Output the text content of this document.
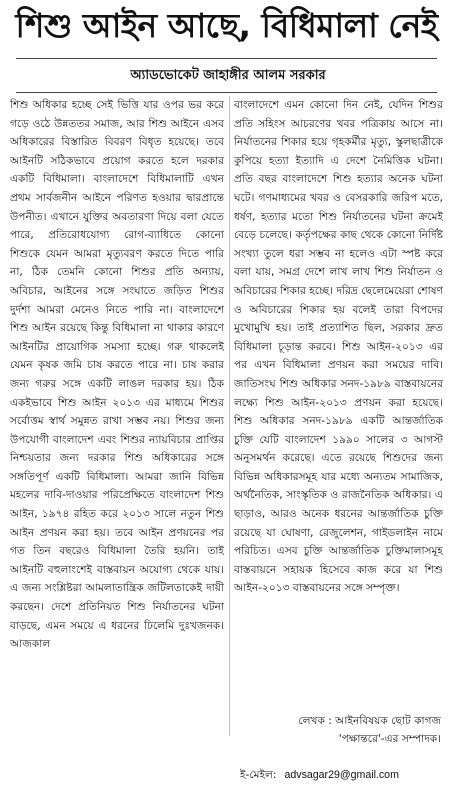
শিশু আইন আছে, বিধিমালা নেই
অ্যাডভোকেট জাহাঙ্গীর আলম সরকার

শিশু অধিকার হচ্ছে সেই ভিত্তি যার ওপর ভর করে গড়ে ওঠে উন্নততর সমাজ, আর শিশু আইনে এসব অধিকারের বিস্তারিত বিবরণ বিধৃত হয়েছে। তবে আইনটি সঠিকভাবে প্রয়োগ করতে হলে দরকার একটি বিধিমালা। বাংলাদেশে বিধিমালাটি এখন প্রথম সার্বজনীন আইনে পরিণত হওয়ার দ্বারপ্রান্তে উপনীত। এখানে যুক্তির অবতারণা দিয়ে বলা যেতে পারে, প্রতিরোধযোগ্য রোগ-ব্যাধিতে কোনো শিশুকে যেমন আমরা মৃত্যুবরণ করতে দিতে পারি না, ঠিক তেমনি কোনো শিশুর প্রতি অন্যায়, অবিচার, আইনের সঙ্গে সংঘাতে জড়িত শিশুর দুর্দশা আমরা মেনেও নিতে পারি না। বাংলাদেশে শিশু আইন রয়েছে কিন্তু বিধিমালা না থাকার কারণে আইনটির প্রায়োগিক সমস্যা হচ্ছে। গরু থাকলেই যেমন কৃষক জমি চাষ করতে পারে না। চাষ করার জন্য গরুর সঙ্গে একটি লাঙল দরকার হয়। ঠিক একইভাবে শিশু আইন ২০১৩ এর মাধ্যমে শিশুর সর্বোত্তম স্বার্থ সমুন্নত রাখা সম্ভব নয়। শিশুর জন্য উপযোগী বাংলাদেশ এবং শিশুর ন্যায়বিচার প্রাপ্তির নিশ্চয়তার জন্য দরকার শিশু অধিকারের সঙ্গে সঙ্গতিপূর্ণ একটি বিধিমালা। আমরা জানি বিভিন্ন মহলের দাবি-দাওয়ার পরিপ্রেক্ষিতে বাংলাদেশ শিশু আইন, ১৯৭৪ রহিত করে ২০১৩ সালে নতুন শিশু আইন প্রণয়ন করা হয়। তবে আইন প্রণয়নের পর গত তিন বছরেও বিধিমালা তৈরি হয়নি। তাই আইনটি বহুলাংশেই বাস্তবায়ন অযোগ্য থেকে যায়। এ জন্য সংশ্লিষ্টরা আমলাতান্ত্রিক জটিলতাকেই দায়ী করছেন। দেশে প্রতিনিয়ত শিশু নির্যাতনের ঘটনা বাড়ছে, এমন সময়ে এ ধরনের ঢিলেমি দুঃখজনক। আজকাল

বাংলাদেশে এমন কোনো দিন নেই, যেদিন শিশুর প্রতি সহিংস আচরণের খবর পত্রিকায় আসে না। নির্যাতনের শিকার হয়ে গৃহকর্মীর মৃত্যু, স্কুলছাত্রীকে কুপিয়ে হত্যা ইত্যাদি এ দেশে নৈমিত্তিক ঘটনা। প্রতি বছর বাংলাদেশে শিশু হত্যার অনেক ঘটনা ঘটে। গণমাধ্যমের খবর ও বেসরকারি জরিপ মতে, ধর্ষণ, হত্যার মতো শিশু নির্যাতনের ঘটনা ক্রমেই বেড়ে চলেছে। কর্তৃপক্ষের কাছ থেকে কোনো নির্দিষ্ট সংখ্যা তুলে ধরা সম্ভব না হলেও এটা স্পষ্ট করে বলা যায়, সমগ্র দেশে লাখ লাখ শিশু নির্যাতন ও অবিচারের শিকার হচ্ছে। দরিদ্র ছেলেমেয়েরা শোষণ ও অবিচারের শিকার হয় বলেই তারা বিপদের মুখোমুখি হয়। তাই প্রত্যাশিত ছিল, সরকার দ্রুত বিধিমালা চূড়ান্ত করবে। শিশু আইন-২০১৩ এর পর এখন বিধিমালা প্রণয়ন করা সময়ের দাবি। জাতিসংঘ শিশু অধিকার সনদ-১৯৮৯ বাস্তবায়নের লক্ষ্যে শিশু আইন-২০১৩ প্রণয়ন করা হয়েছে। শিশু অধিকার সনদ-১৯৮৯ একটি আন্তর্জাতিক চুক্তি যেটি বাংলাদেশ ১৯৯০ সালের ৩ আগস্ট অনুসমর্থন করেছে। এতে রয়েছে শিশুদের জন্য বিভিন্ন অধিকারসমূহ যার মধ্যে অন্যতম সামাজিক, অর্থনৈতিক, সাংস্কৃতিক ও রাজনৈতিক অধিকার। এ ছাড়াও, আরও অনেক ধরনের আন্তর্জাতিক চুক্তি রয়েছে যা ঘোষণা, রেজুলেশন, গাইডলাইন নামে পরিচিত। এসব চুক্তি আন্তর্জাতিক চুক্তিমালাসমূহ বাস্তবায়নে সহায়ক হিসেবে কাজ করে যা শিশু আইন-২০১৩ বাস্তবায়নের সঙ্গে সম্পৃক্ত।

লেখক : আইনবিষয়ক ছোট কাগজ
'পক্ষান্তরে'-এর সম্পাদক।
ই-মেইল: advsagar29@gmail.com
